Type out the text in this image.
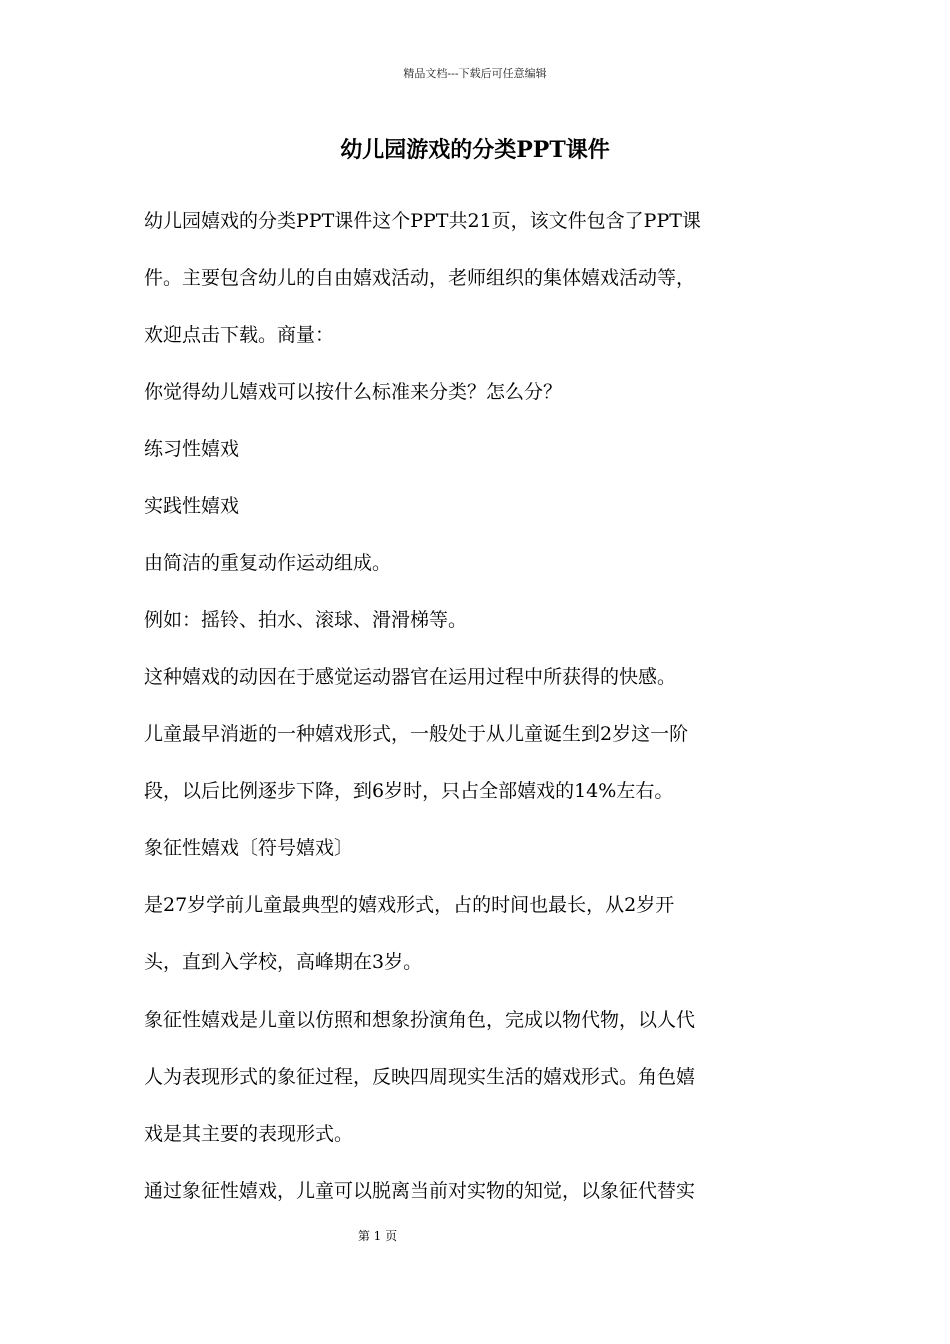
精品文档---下载后可任意编辑
幼儿园游戏的分类PPT课件

幼儿园嬉戏的分类PPT课件这个PPT共21页，该文件包含了PPT课

件。主要包含幼儿的自由嬉戏活动，老师组织的集体嬉戏活动等，

欢迎点击下载。商量：

你觉得幼儿嬉戏可以按什么标准来分类？怎么分？

练习性嬉戏

实践性嬉戏

由简洁的重复动作运动组成。

例如：摇铃、拍水、滚球、滑滑梯等。

这种嬉戏的动因在于感觉运动器官在运用过程中所获得的快感。

儿童最早消逝的一种嬉戏形式，一般处于从儿童诞生到2岁这一阶

段，以后比例逐步下降，到6岁时，只占全部嬉戏的14%左右。

象征性嬉戏〔符号嬉戏〕

是27岁学前儿童最典型的嬉戏形式，占的时间也最长，从2岁开

头，直到入学校，高峰期在3岁。

象征性嬉戏是儿童以仿照和想象扮演角色，完成以物代物，以人代

人为表现形式的象征过程，反映四周现实生活的嬉戏形式。角色嬉

戏是其主要的表现形式。

通过象征性嬉戏，儿童可以脱离当前对实物的知觉，以象征代替实

第 1 页
